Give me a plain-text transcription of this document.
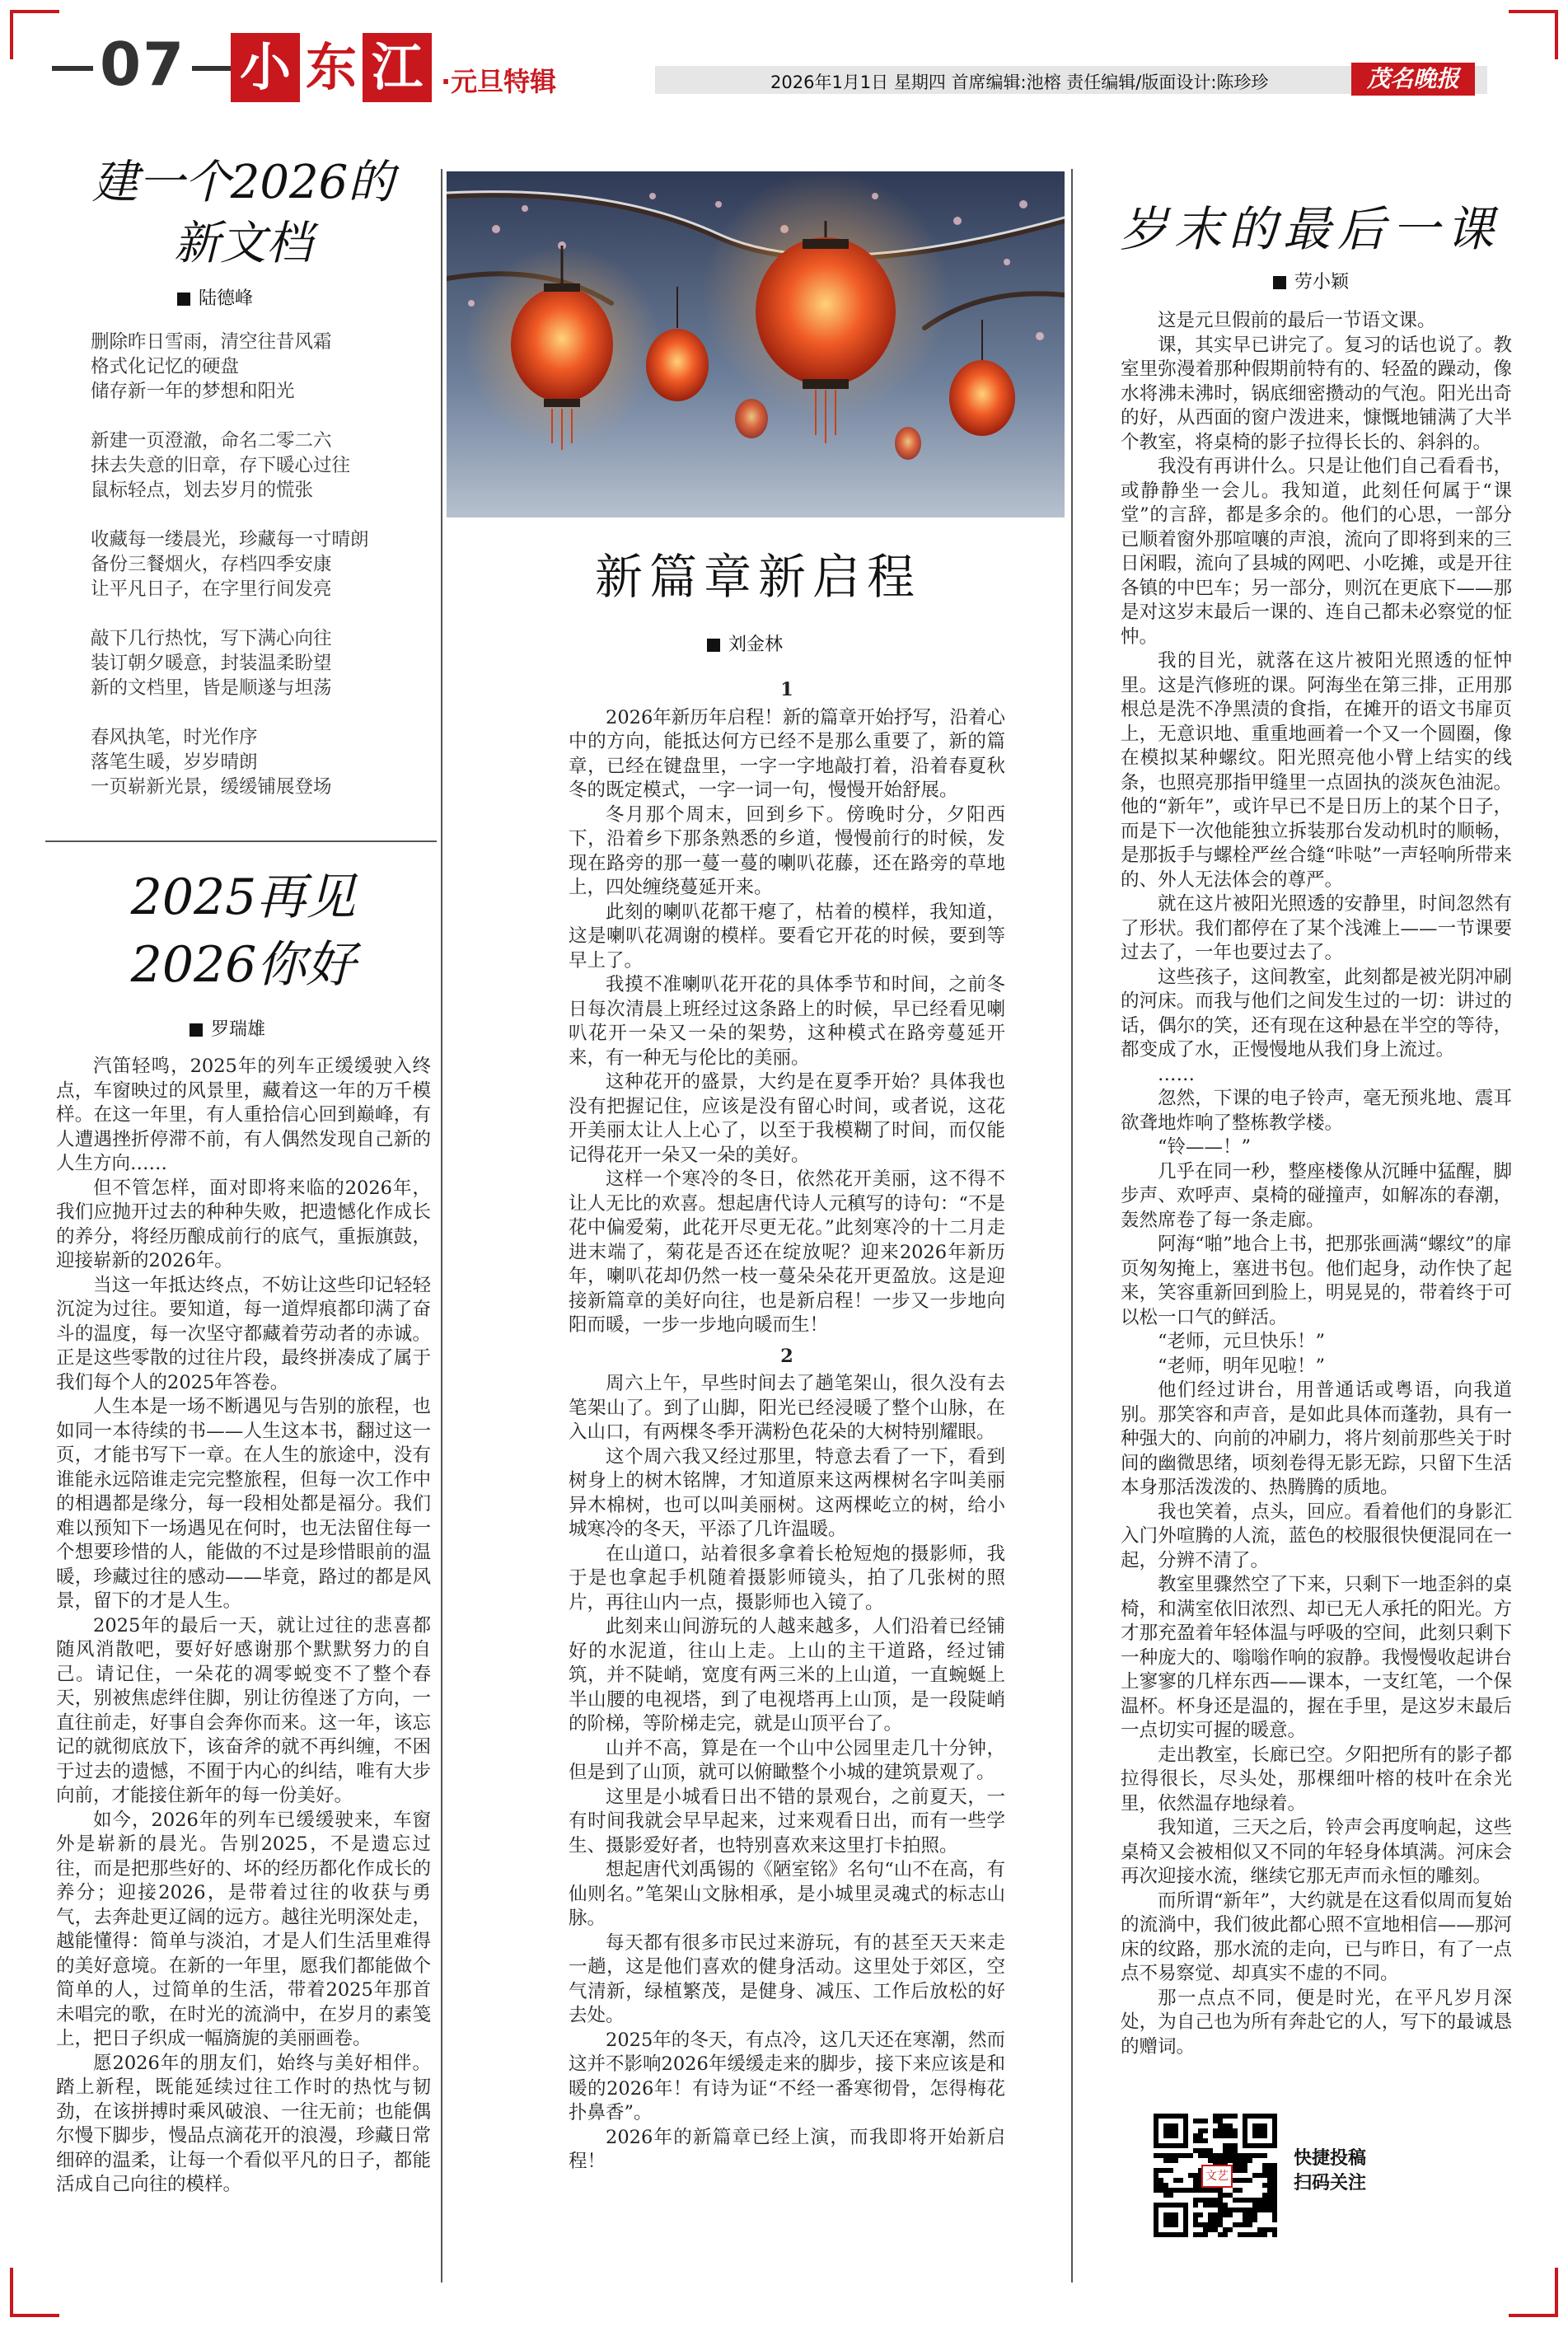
07	小 东 江 ·元旦特辑	2026年1月1日 星期四 首席编辑:池榕 责任编辑/版面设计:陈珍珍	茂名晚报
建一个2026的
新文档
陆德峰
删除昨日雪雨，清空往昔风霜
格式化记忆的硬盘
储存新一年的梦想和阳光
新建一页澄澈，命名二零二六
抹去失意的旧章，存下暖心过往
鼠标轻点，划去岁月的慌张
收藏每一缕晨光，珍藏每一寸晴朗
备份三餐烟火，存档四季安康
让平凡日子，在字里行间发亮
敲下几行热忱，写下满心向往
装订朝夕暖意，封装温柔盼望
新的文档里，皆是顺遂与坦荡
春风执笔，时光作序
落笔生暖，岁岁晴朗
一页崭新光景，缓缓铺展登场
2025再见
2026你好
罗瑞雄

汽笛轻鸣，2025年的列车正缓缓驶入终点，车窗映过的风景里，藏着这一年的万千模样。在这一年里，有人重拾信心回到巅峰，有人遭遇挫折停滞不前，有人偶然发现自己新的人生方向……

但不管怎样，面对即将来临的2026年，我们应抛开过去的种种失败，把遗憾化作成长的养分，将经历酿成前行的底气，重振旗鼓，迎接崭新的2026年。

当这一年抵达终点，不妨让这些印记轻轻沉淀为过往。要知道，每一道焊痕都印满了奋斗的温度，每一次坚守都藏着劳动者的赤诚。正是这些零散的过往片段，最终拼凑成了属于我们每个人的2025年答卷。

人生本是一场不断遇见与告别的旅程，也如同一本待续的书——人生这本书，翻过这一页，才能书写下一章。在人生的旅途中，没有谁能永远陪谁走完完整旅程，但每一次工作中的相遇都是缘分，每一段相处都是福分。我们难以预知下一场遇见在何时，也无法留住每一个想要珍惜的人，能做的不过是珍惜眼前的温暖，珍藏过往的感动——毕竟，路过的都是风景，留下的才是人生。

2025年的最后一天，就让过往的悲喜都随风消散吧，要好好感谢那个默默努力的自己。请记住，一朵花的凋零蜕变不了整个春天，别被焦虑绊住脚，别让彷徨迷了方向，一直往前走，好事自会奔你而来。这一年，该忘记的就彻底放下，该奋斧的就不再纠缠，不困于过去的遗憾，不囿于内心的纠结，唯有大步向前，才能接住新年的每一份美好。

如今，2026年的列车已缓缓驶来，车窗外是崭新的晨光。告别2025，不是遗忘过往，而是把那些好的、坏的经历都化作成长的养分；迎接2026，是带着过往的收获与勇气，去奔赴更辽阔的远方。越往光明深处走，越能懂得：简单与淡泊，才是人们生活里难得的美好意境。在新的一年里，愿我们都能做个简单的人，过简单的生活，带着2025年那首未唱完的歌，在时光的流淌中，在岁月的素笺上，把日子织成一幅旖旎的美丽画卷。

愿2026年的朋友们，始终与美好相伴。踏上新程，既能延续过往工作时的热忱与韧劲，在该拼搏时乘风破浪、一往无前；也能偶尔慢下脚步，慢品点滴花开的浪漫，珍藏日常细碎的温柔，让每一个看似平凡的日子，都能活成自己向往的模样。

新篇章新启程
刘金林

1

2026年新历年启程！新的篇章开始抒写，沿着心中的方向，能抵达何方已经不是那么重要了，新的篇章，已经在键盘里，一字一字地敲打着，沿着春夏秋冬的既定模式，一字一词一句，慢慢开始舒展。

冬月那个周末，回到乡下。傍晚时分，夕阳西下，沿着乡下那条熟悉的乡道，慢慢前行的时候，发现在路旁的那一蔓一蔓的喇叭花藤，还在路旁的草地上，四处缠绕蔓延开来。

此刻的喇叭花都干瘪了，枯着的模样，我知道，这是喇叭花凋谢的模样。要看它开花的时候，要到等早上了。

我摸不准喇叭花开花的具体季节和时间，之前冬日每次清晨上班经过这条路上的时候，早已经看见喇叭花开一朵又一朵的架势，这种模式在路旁蔓延开来，有一种无与伦比的美丽。

这种花开的盛景，大约是在夏季开始？具体我也没有把握记住，应该是没有留心时间，或者说，这花开美丽太让人上心了，以至于我模糊了时间，而仅能记得花开一朵又一朵的美好。

这样一个寒冷的冬日，依然花开美丽，这不得不让人无比的欢喜。想起唐代诗人元稹写的诗句：“不是花中偏爱菊，此花开尽更无花。”此刻寒冷的十二月走进末端了，菊花是否还在绽放呢？迎来2026年新历年，喇叭花却仍然一枝一蔓朵朵花开更盈放。这是迎接新篇章的美好向往，也是新启程！一步又一步地向阳而暖，一步一步地向暖而生！

2

周六上午，早些时间去了趟笔架山，很久没有去笔架山了。到了山脚，阳光已经浸暖了整个山脉，在入山口，有两棵冬季开满粉色花朵的大树特别耀眼。

这个周六我又经过那里，特意去看了一下，看到树身上的树木铭牌，才知道原来这两棵树名字叫美丽异木棉树，也可以叫美丽树。这两棵屹立的树，给小城寒冷的冬天，平添了几许温暖。

在山道口，站着很多拿着长枪短炮的摄影师，我于是也拿起手机随着摄影师镜头，拍了几张树的照片，再往山内一点，摄影师也入镜了。

此刻来山间游玩的人越来越多，人们沿着已经铺好的水泥道，往山上走。上山的主干道路，经过铺筑，并不陡峭，宽度有两三米的上山道，一直蜿蜒上半山腰的电视塔，到了电视塔再上山顶，是一段陡峭的阶梯，等阶梯走完，就是山顶平台了。

山并不高，算是在一个山中公园里走几十分钟，但是到了山顶，就可以俯瞰整个小城的建筑景观了。

这里是小城看日出不错的景观台，之前夏天，一有时间我就会早早起来，过来观看日出，而有一些学生、摄影爱好者，也特别喜欢来这里打卡拍照。

想起唐代刘禹锡的《陋室铭》名句“山不在高，有仙则名。”笔架山文脉相承，是小城里灵魂式的标志山脉。

每天都有很多市民过来游玩，有的甚至天天来走一趟，这是他们喜欢的健身活动。这里处于郊区，空气清新，绿植繁茂，是健身、减压、工作后放松的好去处。

2025年的冬天，有点冷，这几天还在寒潮，然而这并不影响2026年缓缓走来的脚步，接下来应该是和暖的2026年！有诗为证“不经一番寒彻骨，怎得梅花扑鼻香”。

2026年的新篇章已经上演，而我即将开始新启程！

岁末的最后一课
劳小颖

这是元旦假前的最后一节语文课。

课，其实早已讲完了。复习的话也说了。教室里弥漫着那种假期前特有的、轻盈的躁动，像水将沸未沸时，锅底细密攒动的气泡。阳光出奇的好，从西面的窗户泼进来，慷慨地铺满了大半个教室，将桌椅的影子拉得长长的、斜斜的。

我没有再讲什么。只是让他们自己看看书，或静静坐一会儿。我知道，此刻任何属于“课堂”的言辞，都是多余的。他们的心思，一部分已顺着窗外那喧嚷的声浪，流向了即将到来的三日闲暇，流向了县城的网吧、小吃摊，或是开往各镇的中巴车；另一部分，则沉在更底下——那是对这岁末最后一课的、连自己都未必察觉的怔忡。

我的目光，就落在这片被阳光照透的怔忡里。这是汽修班的课。阿海坐在第三排，正用那根总是洗不净黑渍的食指，在摊开的语文书扉页上，无意识地、重重地画着一个又一个圆圈，像在模拟某种螺纹。阳光照亮他小臂上结实的线条，也照亮那指甲缝里一点固执的淡灰色油泥。他的“新年”，或许早已不是日历上的某个日子，而是下一次他能独立拆装那台发动机时的顺畅，是那扳手与螺栓严丝合缝“咔哒”一声轻响所带来的、外人无法体会的尊严。

就在这片被阳光照透的安静里，时间忽然有了形状。我们都停在了某个浅滩上——一节课要过去了，一年也要过去了。

这些孩子，这间教室，此刻都是被光阴冲刷的河床。而我与他们之间发生过的一切：讲过的话，偶尔的笑，还有现在这种悬在半空的等待，都变成了水，正慢慢地从我们身上流过。

……

忽然，下课的电子铃声，毫无预兆地、震耳欲聋地炸响了整栋教学楼。

“铃——！”

几乎在同一秒，整座楼像从沉睡中猛醒，脚步声、欢呼声、桌椅的碰撞声，如解冻的春潮，轰然席卷了每一条走廊。

阿海“啪”地合上书，把那张画满“螺纹”的扉页匆匆掩上，塞进书包。他们起身，动作快了起来，笑容重新回到脸上，明晃晃的，带着终于可以松一口气的鲜活。

“老师，元旦快乐！”

“老师，明年见啦！”

他们经过讲台，用普通话或粤语，向我道别。那笑容和声音，是如此具体而蓬勃，具有一种强大的、向前的冲刷力，将片刻前那些关于时间的幽微思绪，顷刻卷得无影无踪，只留下生活本身那活泼泼的、热腾腾的质地。

我也笑着，点头，回应。看着他们的身影汇入门外喧腾的人流，蓝色的校服很快便混同在一起，分辨不清了。

教室里骤然空了下来，只剩下一地歪斜的桌椅，和满室依旧浓烈、却已无人承托的阳光。方才那充盈着年轻体温与呼吸的空间，此刻只剩下一种庞大的、嗡嗡作响的寂静。我慢慢收起讲台上寥寥的几样东西——课本，一支红笔，一个保温杯。杯身还是温的，握在手里，是这岁末最后一点切实可握的暖意。

走出教室，长廊已空。夕阳把所有的影子都拉得很长，尽头处，那棵细叶榕的枝叶在余光里，依然温存地绿着。

我知道，三天之后，铃声会再度响起，这些桌椅又会被相似又不同的年轻身体填满。河床会再次迎接水流，继续它那无声而永恒的雕刻。

而所谓“新年”，大约就是在这看似周而复始的流淌中，我们彼此都心照不宣地相信——那河床的纹路，那水流的走向，已与昨日，有了一点点不易察觉、却真实不虚的不同。

那一点点不同，便是时光，在平凡岁月深处，为自己也为所有奔赴它的人，写下的最诚恳的赠词。

文艺
快捷投稿
扫码关注
